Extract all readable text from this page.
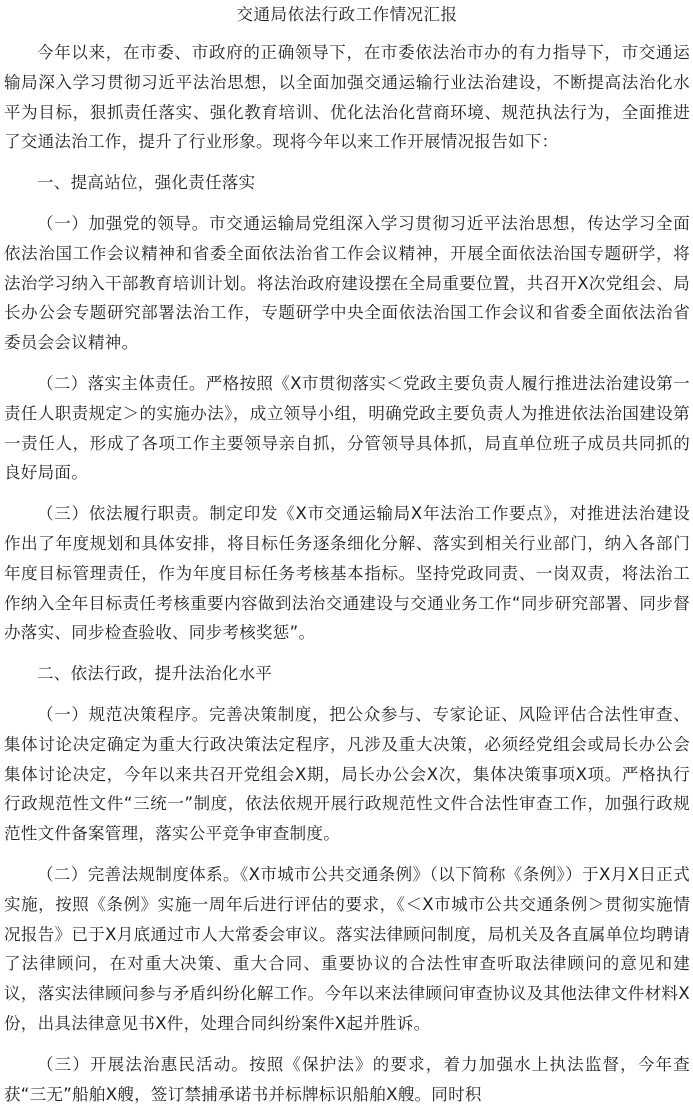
交通局依法行政工作情况汇报

今年以来，在市委、市政府的正确领导下，在市委依法治市办的有力指导下，市交通运输局深入学习贯彻习近平法治思想，以全面加强交通运输行业法治建设，不断提高法治化水平为目标，狠抓责任落实、强化教育培训、优化法治化营商环境、规范执法行为，全面推进了交通法治工作，提升了行业形象。现将今年以来工作开展情况报告如下：

一、提高站位，强化责任落实

（一）加强党的领导。市交通运输局党组深入学习贯彻习近平法治思想，传达学习全面依法治国工作会议精神和省委全面依法治省工作会议精神，开展全面依法治国专题研学，将法治学习纳入干部教育培训计划。将法治政府建设摆在全局重要位置，共召开X次党组会、局长办公会专题研究部署法治工作，专题研学中央全面依法治国工作会议和省委全面依法治省委员会会议精神。

（二）落实主体责任。严格按照《X市贯彻落实＜党政主要负责人履行推进法治建设第一责任人职责规定＞的实施办法》，成立领导小组，明确党政主要负责人为推进依法治国建设第一责任人，形成了各项工作主要领导亲自抓，分管领导具体抓，局直单位班子成员共同抓的良好局面。

（三）依法履行职责。制定印发《X市交通运输局X年法治工作要点》，对推进法治建设作出了年度规划和具体安排，将目标任务逐条细化分解、落实到相关行业部门，纳入各部门年度目标管理责任，作为年度目标任务考核基本指标。坚持党政同责、一岗双责，将法治工作纳入全年目标责任考核重要内容做到法治交通建设与交通业务工作“同步研究部署、同步督办落实、同步检查验收、同步考核奖惩”。

二、依法行政，提升法治化水平

（一）规范决策程序。完善决策制度，把公众参与、专家论证、风险评估合法性审查、集体讨论决定确定为重大行政决策法定程序，凡涉及重大决策，必须经党组会或局长办公会集体讨论决定，今年以来共召开党组会X期，局长办公会X次，集体决策事项X项。严格执行行政规范性文件“三统一”制度，依法依规开展行政规范性文件合法性审查工作，加强行政规范性文件备案管理，落实公平竞争审查制度。

（二）完善法规制度体系。《X市城市公共交通条例》（以下简称《条例》）于X月X日正式实施，按照《条例》实施一周年后进行评估的要求，《＜X市城市公共交通条例＞贯彻实施情况报告》已于X月底通过市人大常委会审议。落实法律顾问制度，局机关及各直属单位均聘请了法律顾问，在对重大决策、重大合同、重要协议的合法性审查听取法律顾问的意见和建议，落实法律顾问参与矛盾纠纷化解工作。今年以来法律顾问审查协议及其他法律文件材料X份，出具法律意见书X件，处理合同纠纷案件X起并胜诉。

（三）开展法治惠民活动。按照《保护法》的要求，着力加强水上执法监督，今年查获“三无”船舶X艘，签订禁捕承诺书并标牌标识船舶X艘。同时积
